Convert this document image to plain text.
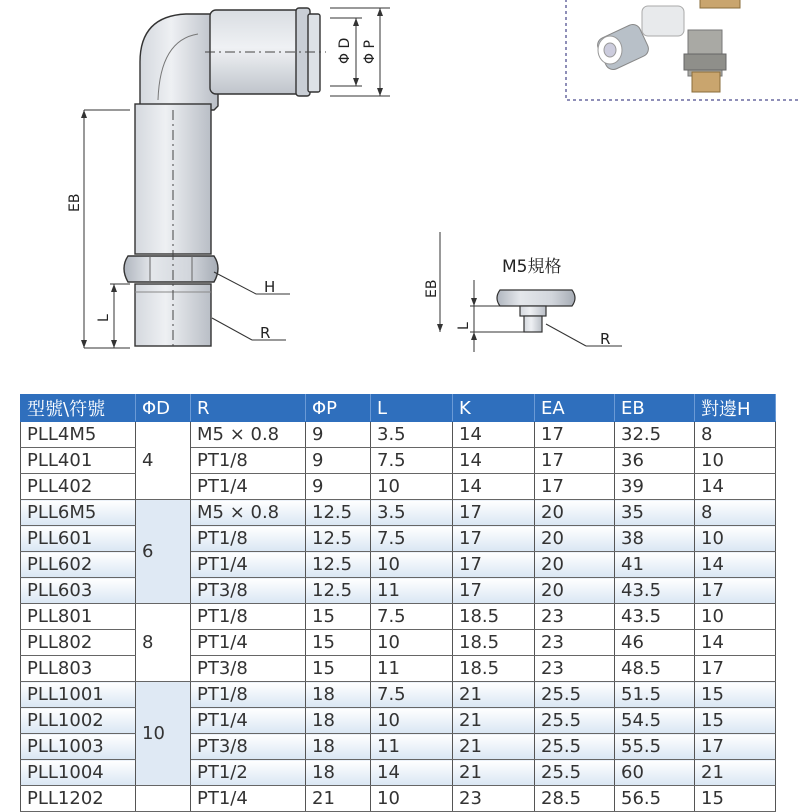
Φ D Φ P
EB
L
H
R
M5規格
EB
L
R
型號\符號	ΦD	R	ΦP	L	K	EA	EB	對邊H
PLL4M5	4	M5 × 0.8	9	3.5	14	17	32.5	8
PLL401		PT1/8	9	7.5	14	17	36	10
PLL402		PT1/4	9	10	14	17	39	14
PLL6M5	6	M5 × 0.8	12.5	3.5	17	20	35	8
PLL601		PT1/8	12.5	7.5	17	20	38	10
PLL602		PT1/4	12.5	10	17	20	41	14
PLL603		PT3/8	12.5	11	17	20	43.5	17
PLL801	8	PT1/8	15	7.5	18.5	23	43.5	10
PLL802		PT1/4	15	10	18.5	23	46	14
PLL803		PT3/8	15	11	18.5	23	48.5	17
PLL1001	10	PT1/8	18	7.5	21	25.5	51.5	15
PLL1002		PT1/4	18	10	21	25.5	54.5	15
PLL1003		PT3/8	18	11	21	25.5	55.5	17
PLL1004		PT1/2	18	14	21	25.5	60	21
PLL1202		PT1/4	21	10	23	28.5	56.5	15
